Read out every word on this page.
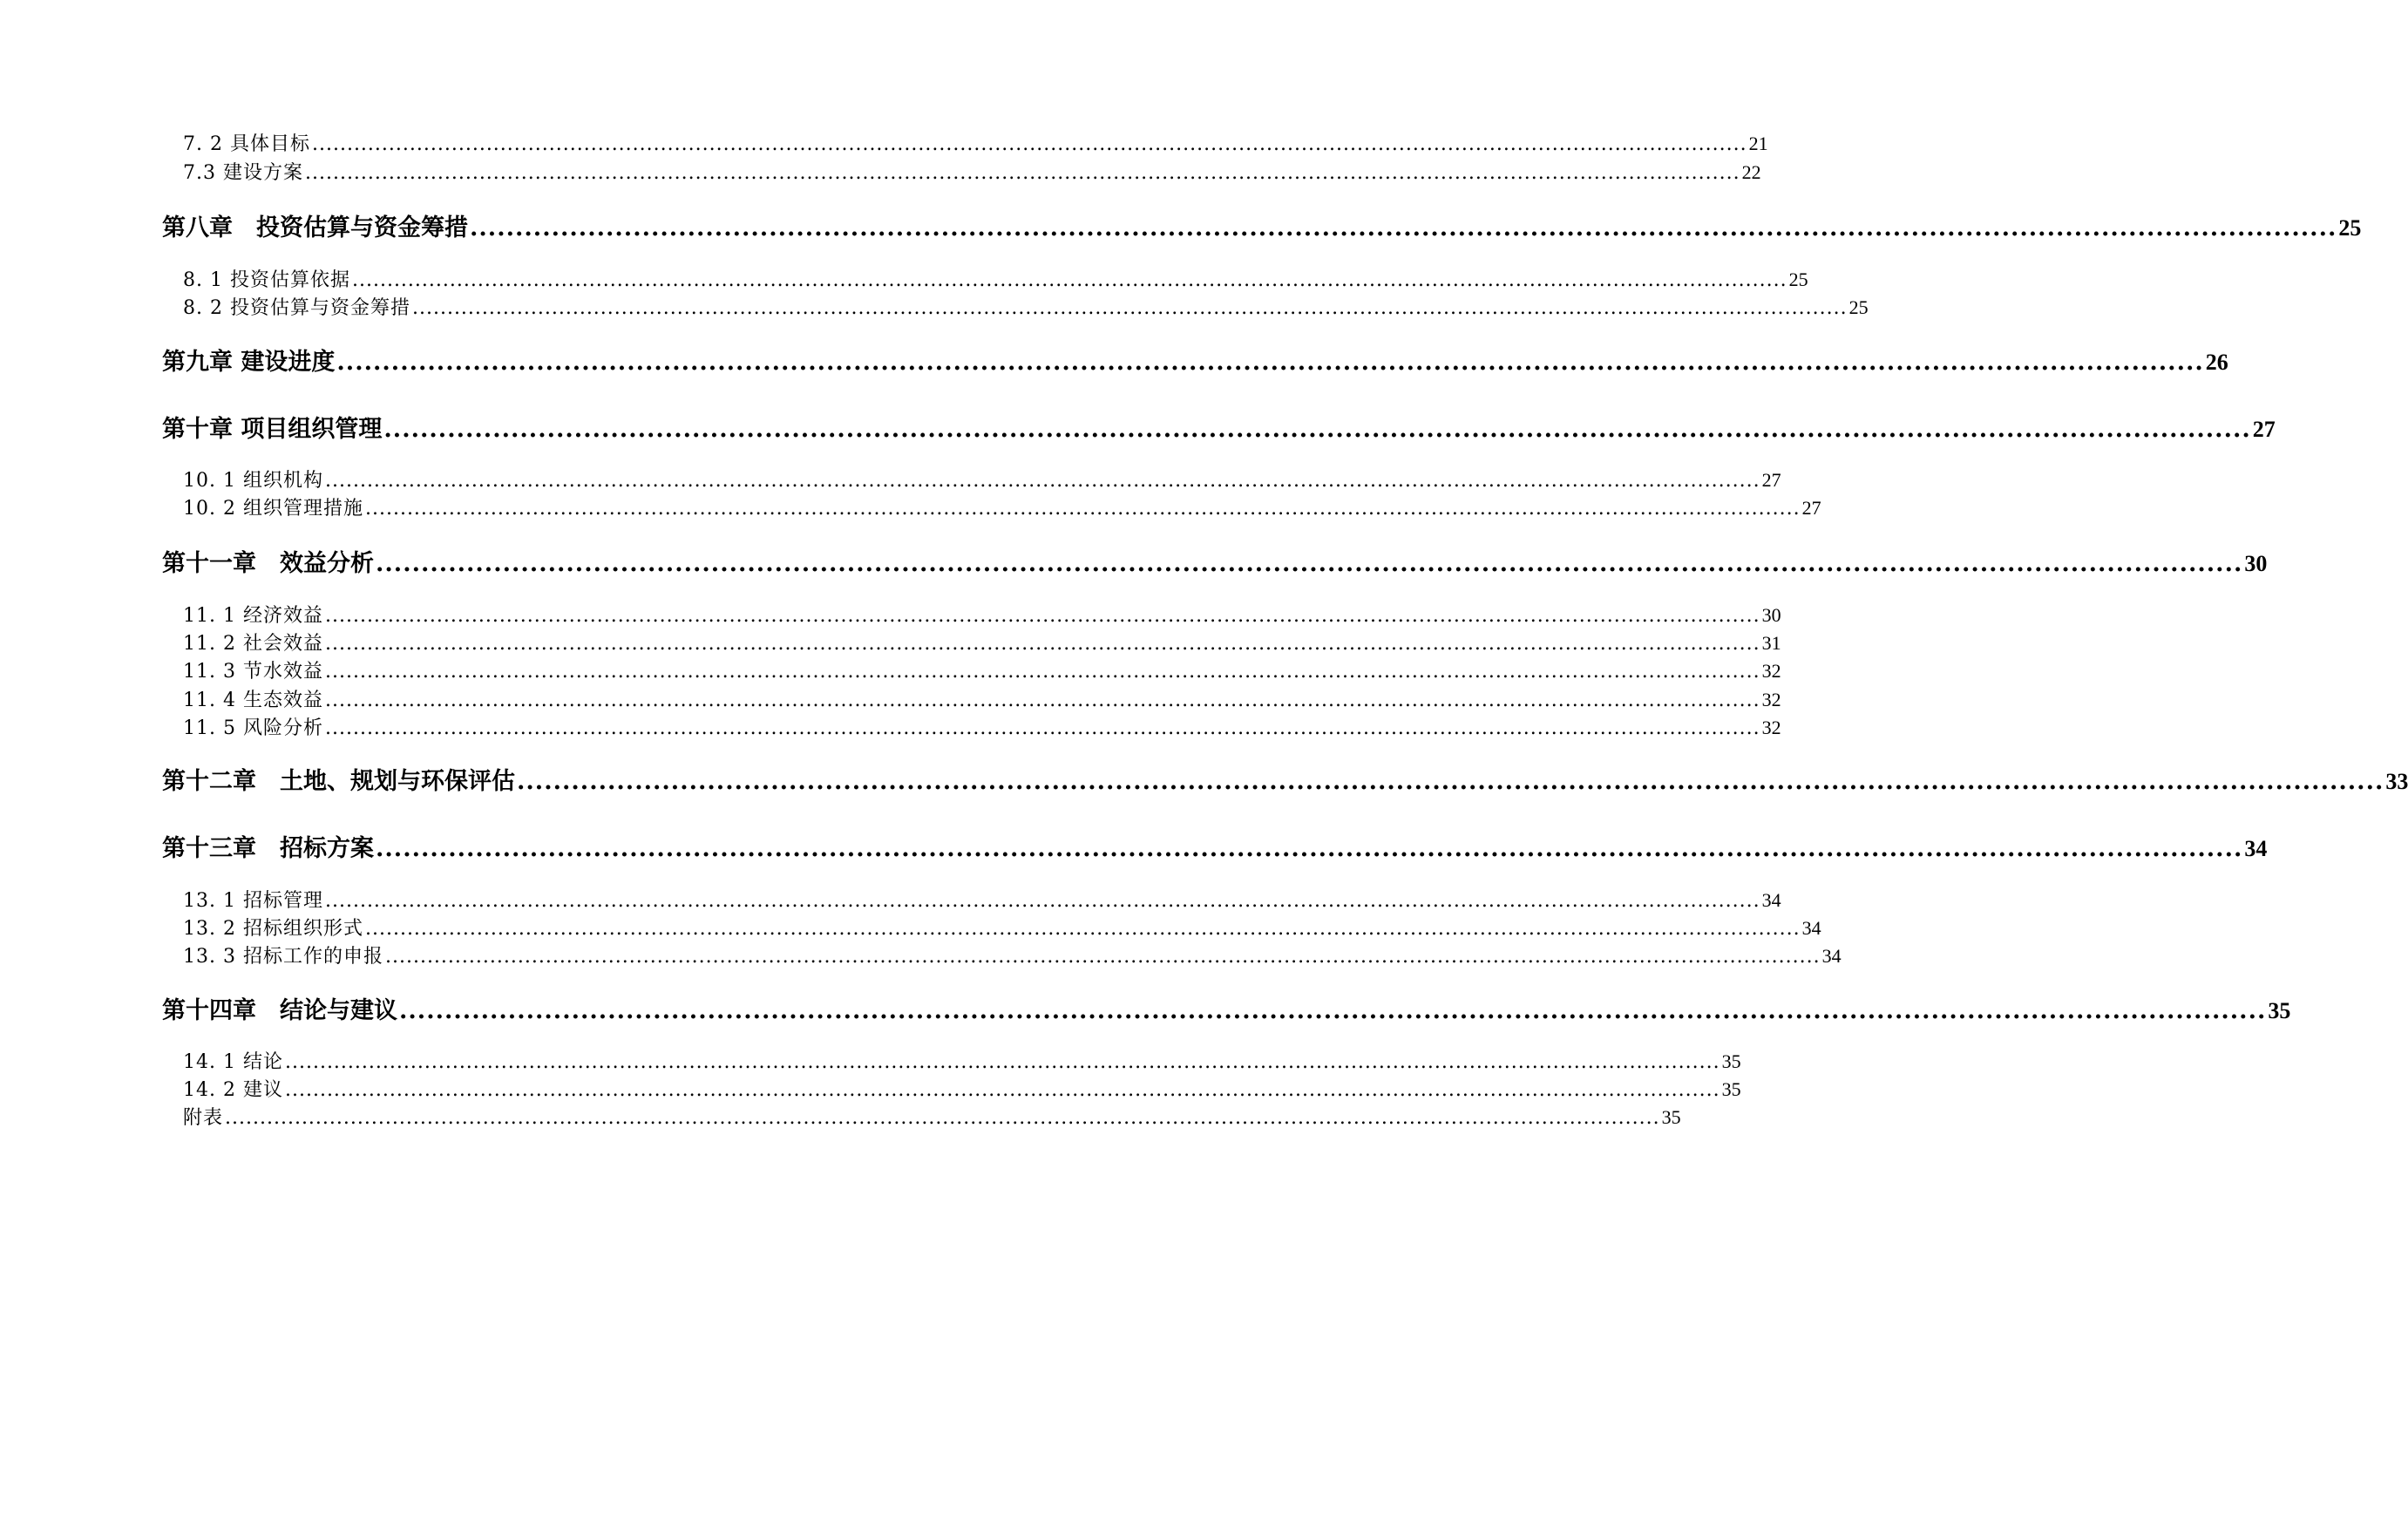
7. 2 具体目标 .............................................................................................................................................................................................................. 21
7.3 建设方案 .............................................................................................................................................................................................................. 22
第八章　投资估算与资金筹措 .............................................................................................................................................................................................................. 25
8. 1 投资估算依据 .............................................................................................................................................................................................................. 25
8. 2 投资估算与资金筹措 .............................................................................................................................................................................................................. 25
第九章 建设进度 .............................................................................................................................................................................................................. 26
第十章 项目组织管理 .............................................................................................................................................................................................................. 27
10. 1 组织机构 .............................................................................................................................................................................................................. 27
10. 2 组织管理措施 .............................................................................................................................................................................................................. 27
第十一章　效益分析 .............................................................................................................................................................................................................. 30
11. 1 经济效益 .............................................................................................................................................................................................................. 30
11. 2 社会效益 .............................................................................................................................................................................................................. 31
11. 3 节水效益 .............................................................................................................................................................................................................. 32
11. 4 生态效益 .............................................................................................................................................................................................................. 32
11. 5 风险分析 .............................................................................................................................................................................................................. 32
第十二章　土地、规划与环保评估 .............................................................................................................................................................................................................. 33
第十三章　招标方案 .............................................................................................................................................................................................................. 34
13. 1 招标管理 .............................................................................................................................................................................................................. 34
13. 2 招标组织形式 .............................................................................................................................................................................................................. 34
13. 3 招标工作的申报 .............................................................................................................................................................................................................. 34
第十四章　结论与建议 .............................................................................................................................................................................................................. 35
14. 1 结论 .............................................................................................................................................................................................................. 35
14. 2 建议 .............................................................................................................................................................................................................. 35
附表 .............................................................................................................................................................................................................. 35
